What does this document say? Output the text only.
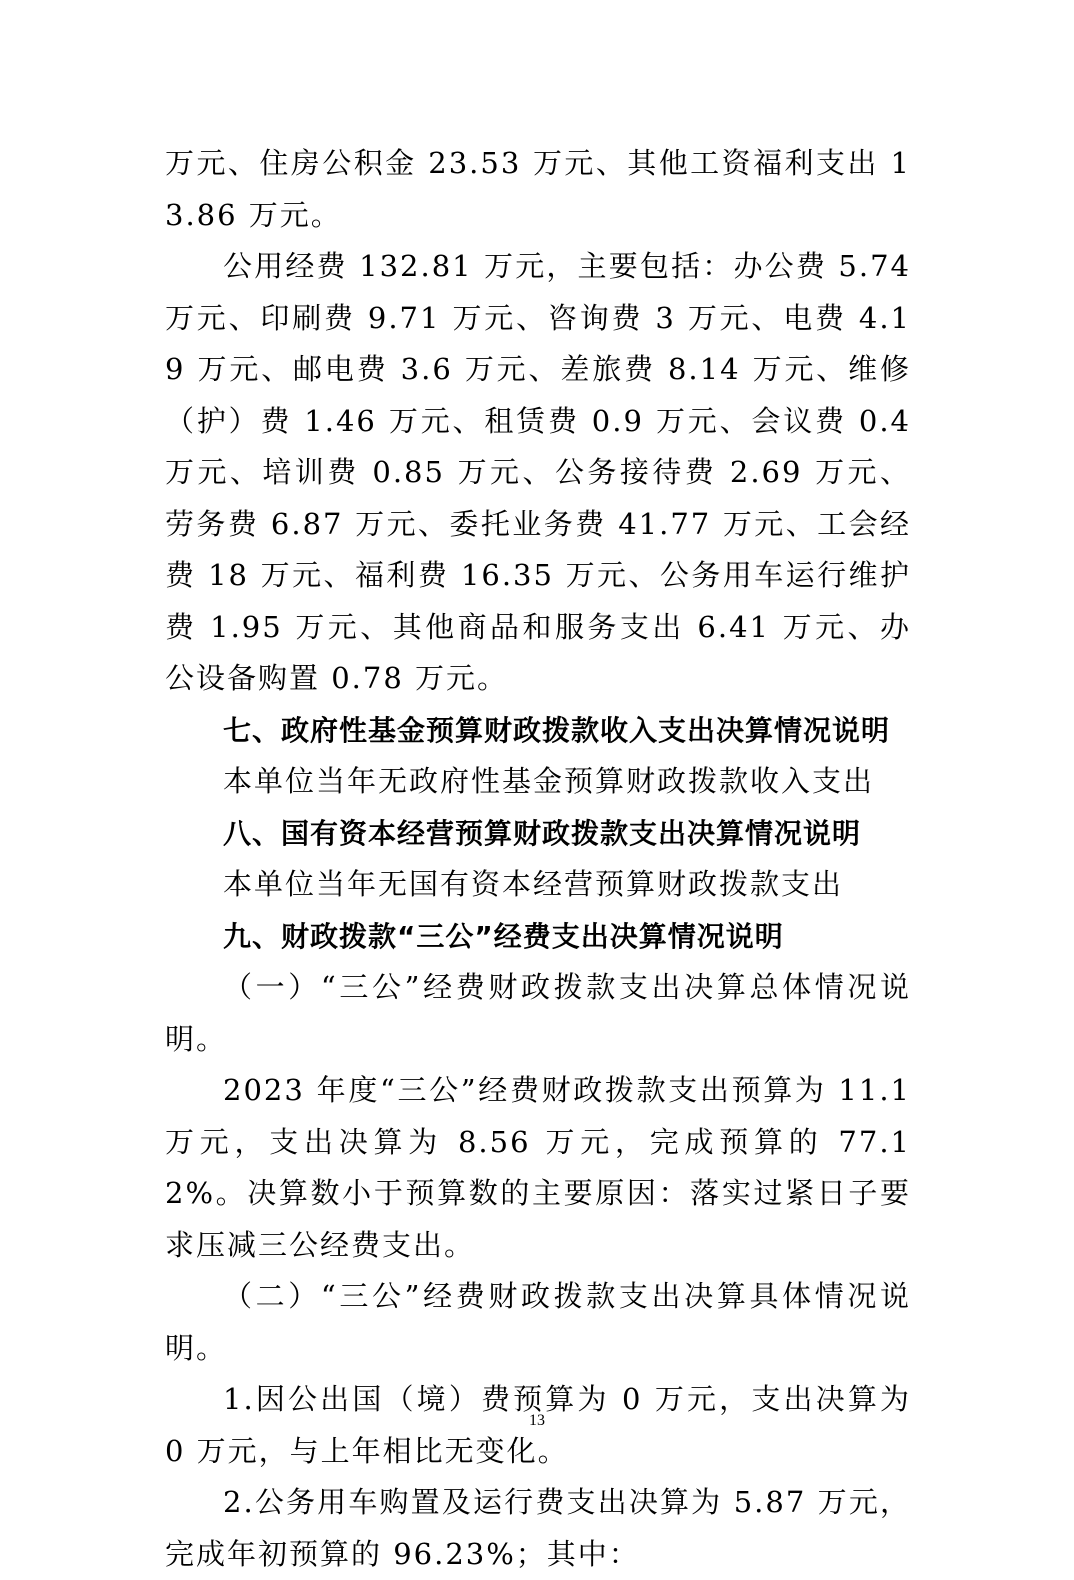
万元、住房公积金 23.53 万元、其他工资福利支出 13.86 万元。

公用经费 132.81 万元，主要包括：办公费 5.74 万元、印刷费 9.71 万元、咨询费 3 万元、电费 4.19 万元、邮电费 3.6 万元、差旅费 8.14 万元、维修（护）费 1.46 万元、租赁费 0.9 万元、会议费 0.4 万元、培训费 0.85 万元、公务接待费 2.69 万元、劳务费 6.87 万元、委托业务费 41.77 万元、工会经费 18 万元、福利费 16.35 万元、公务用车运行维护费 1.95 万元、其他商品和服务支出 6.41 万元、办公设备购置 0.78 万元。

七、政府性基金预算财政拨款收入支出决算情况说明

本单位当年无政府性基金预算财政拨款收入支出

八、国有资本经营预算财政拨款支出决算情况说明

本单位当年无国有资本经营预算财政拨款支出

九、财政拨款“三公”经费支出决算情况说明

（一）“三公”经费财政拨款支出决算总体情况说明。

2023 年度“三公”经费财政拨款支出预算为 11.1 万元，支出决算为 8.56 万元，完成预算的 77.12%。决算数小于预算数的主要原因：落实过紧日子要求压减三公经费支出。

（二）“三公”经费财政拨款支出决算具体情况说明。

1.因公出国（境）费预算为 0 万元，支出决算为 0 万元，与上年相比无变化。

2.公务用车购置及运行费支出决算为 5.87 万元，完成年初预算的 96.23%；其中：

13
